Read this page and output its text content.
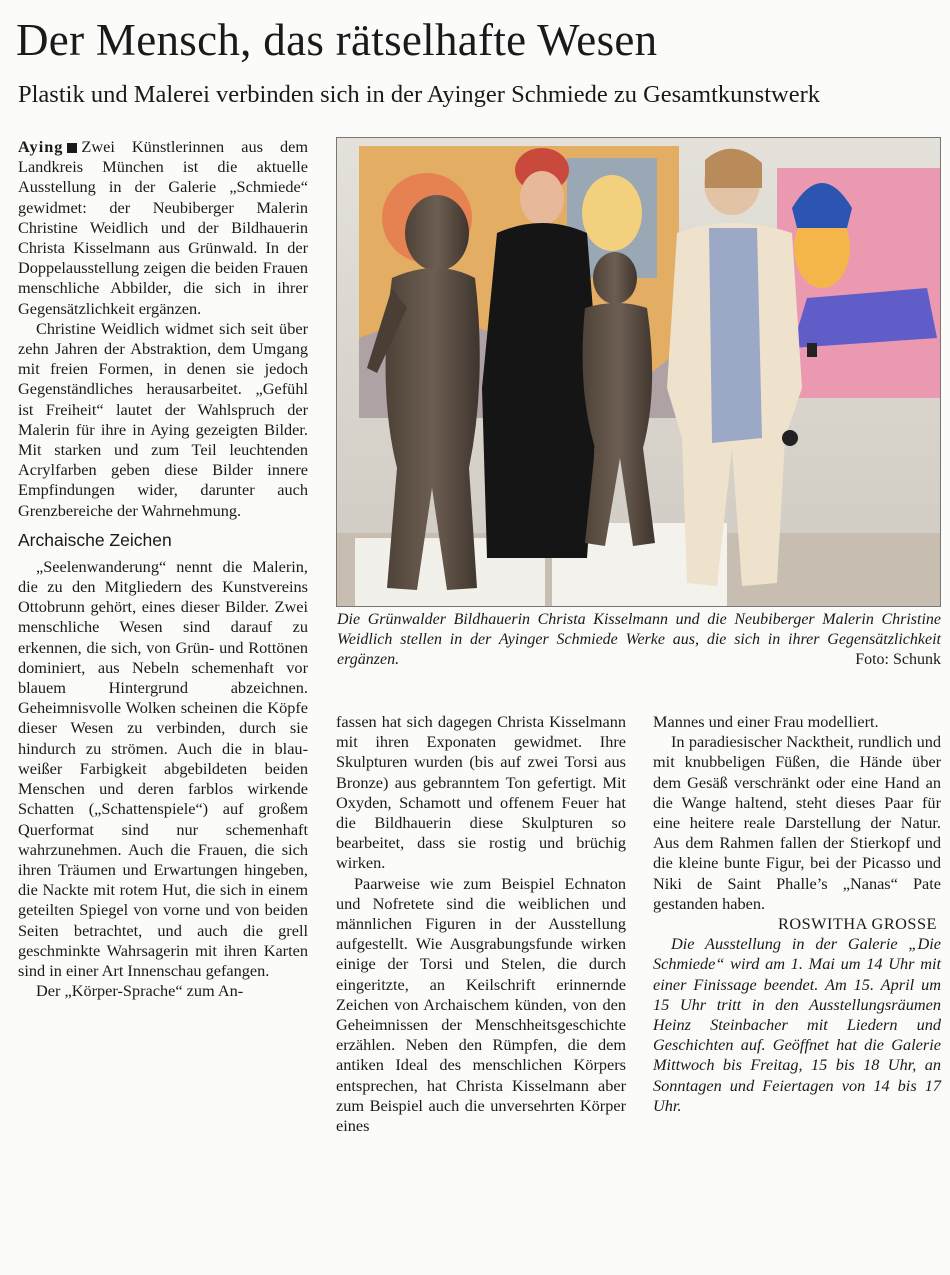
Der Mensch, das rätselhafte Wesen
Plastik und Malerei verbinden sich in der Ayinger Schmiede zu Gesamtkunstwerk

Aying Zwei Künstlerinnen aus dem Landkreis München ist die aktuelle Ausstellung in der Galerie „Schmiede“ gewidmet: der Neubiberger Malerin Christine Weidlich und der Bildhauerin Christa Kisselmann aus Grünwald. In der Doppelausstellung zeigen die beiden Frauen menschliche Abbilder, die sich in ihrer Gegensätzlichkeit ergänzen.

Christine Weidlich widmet sich seit über zehn Jahren der Abstraktion, dem Umgang mit freien Formen, in denen sie jedoch Gegenständliches herausarbeitet. „Gefühl ist Freiheit“ lautet der Wahlspruch der Malerin für ihre in Aying gezeigten Bilder. Mit starken und zum Teil leuchtenden Acrylfarben geben diese Bilder innere Empfindungen wider, darunter auch Grenzbereiche der Wahrnehmung.

Archaische Zeichen

„Seelenwanderung“ nennt die Malerin, die zu den Mitgliedern des Kunstvereins Ottobrunn gehört, eines dieser Bilder. Zwei menschliche Wesen sind darauf zu erkennen, die sich, von Grün- und Rottönen dominiert, aus Nebeln schemenhaft vor blauem Hintergrund abzeichnen. Geheimnisvolle Wolken scheinen die Köpfe dieser Wesen zu verbinden, durch sie hindurch zu strömen. Auch die in blau-weißer Farbigkeit abgebildeten beiden Menschen und deren farblos wirkende Schatten („Schattenspiele“) auf großem Querformat sind nur schemenhaft wahrzunehmen. Auch die Frauen, die sich ihren Träumen und Erwartungen hingeben, die Nackte mit rotem Hut, die sich in einem geteilten Spiegel von vorne und von beiden Seiten betrachtet, und auch die grell geschminkte Wahrsagerin mit ihren Karten sind in einer Art Innenschau gefangen.

Der „Körper-Sprache“ zum An-

Die Grünwalder Bildhauerin Christa Kisselmann und die Neubiberger Malerin Christine Weidlich stellen in der Ayinger Schmiede Werke aus, die sich in ihrer Gegensätzlichkeit ergänzen.	Foto: Schunk

fassen hat sich dagegen Christa Kisselmann mit ihren Exponaten gewidmet. Ihre Skulpturen wurden (bis auf zwei Torsi aus Bronze) aus gebranntem Ton gefertigt. Mit Oxyden, Schamott und offenem Feuer hat die Bildhauerin diese Skulpturen so bearbeitet, dass sie rostig und brüchig wirken.

Paarweise wie zum Beispiel Echnaton und Nofretete sind die weiblichen und männlichen Figuren in der Ausstellung aufgestellt. Wie Ausgrabungsfunde wirken einige der Torsi und Stelen, die durch eingeritzte, an Keilschrift erinnernde Zeichen von Archaischem künden, von den Geheimnissen der Menschheitsgeschichte erzählen. Neben den Rümpfen, die dem antiken Ideal des menschlichen Körpers entsprechen, hat Christa Kisselmann aber zum Beispiel auch die unversehrten Körper eines

Mannes und einer Frau modelliert.

In paradiesischer Nacktheit, rundlich und mit knubbeligen Füßen, die Hände über dem Gesäß verschränkt oder eine Hand an die Wange haltend, steht dieses Paar für eine heitere reale Darstellung der Natur. Aus dem Rahmen fallen der Stierkopf und die kleine bunte Figur, bei der Picasso und Niki de Saint Phalle’s „Nanas“ Pate gestanden haben.

ROSWITHA GROSSE

Die Ausstellung in der Galerie „Die Schmiede“ wird am 1. Mai um 14 Uhr mit einer Finissage beendet. Am 15. April um 15 Uhr tritt in den Ausstellungsräumen Heinz Steinbacher mit Liedern und Geschichten auf. Geöffnet hat die Galerie Mittwoch bis Freitag, 15 bis 18 Uhr, an Sonntagen und Feiertagen von 14 bis 17 Uhr.
